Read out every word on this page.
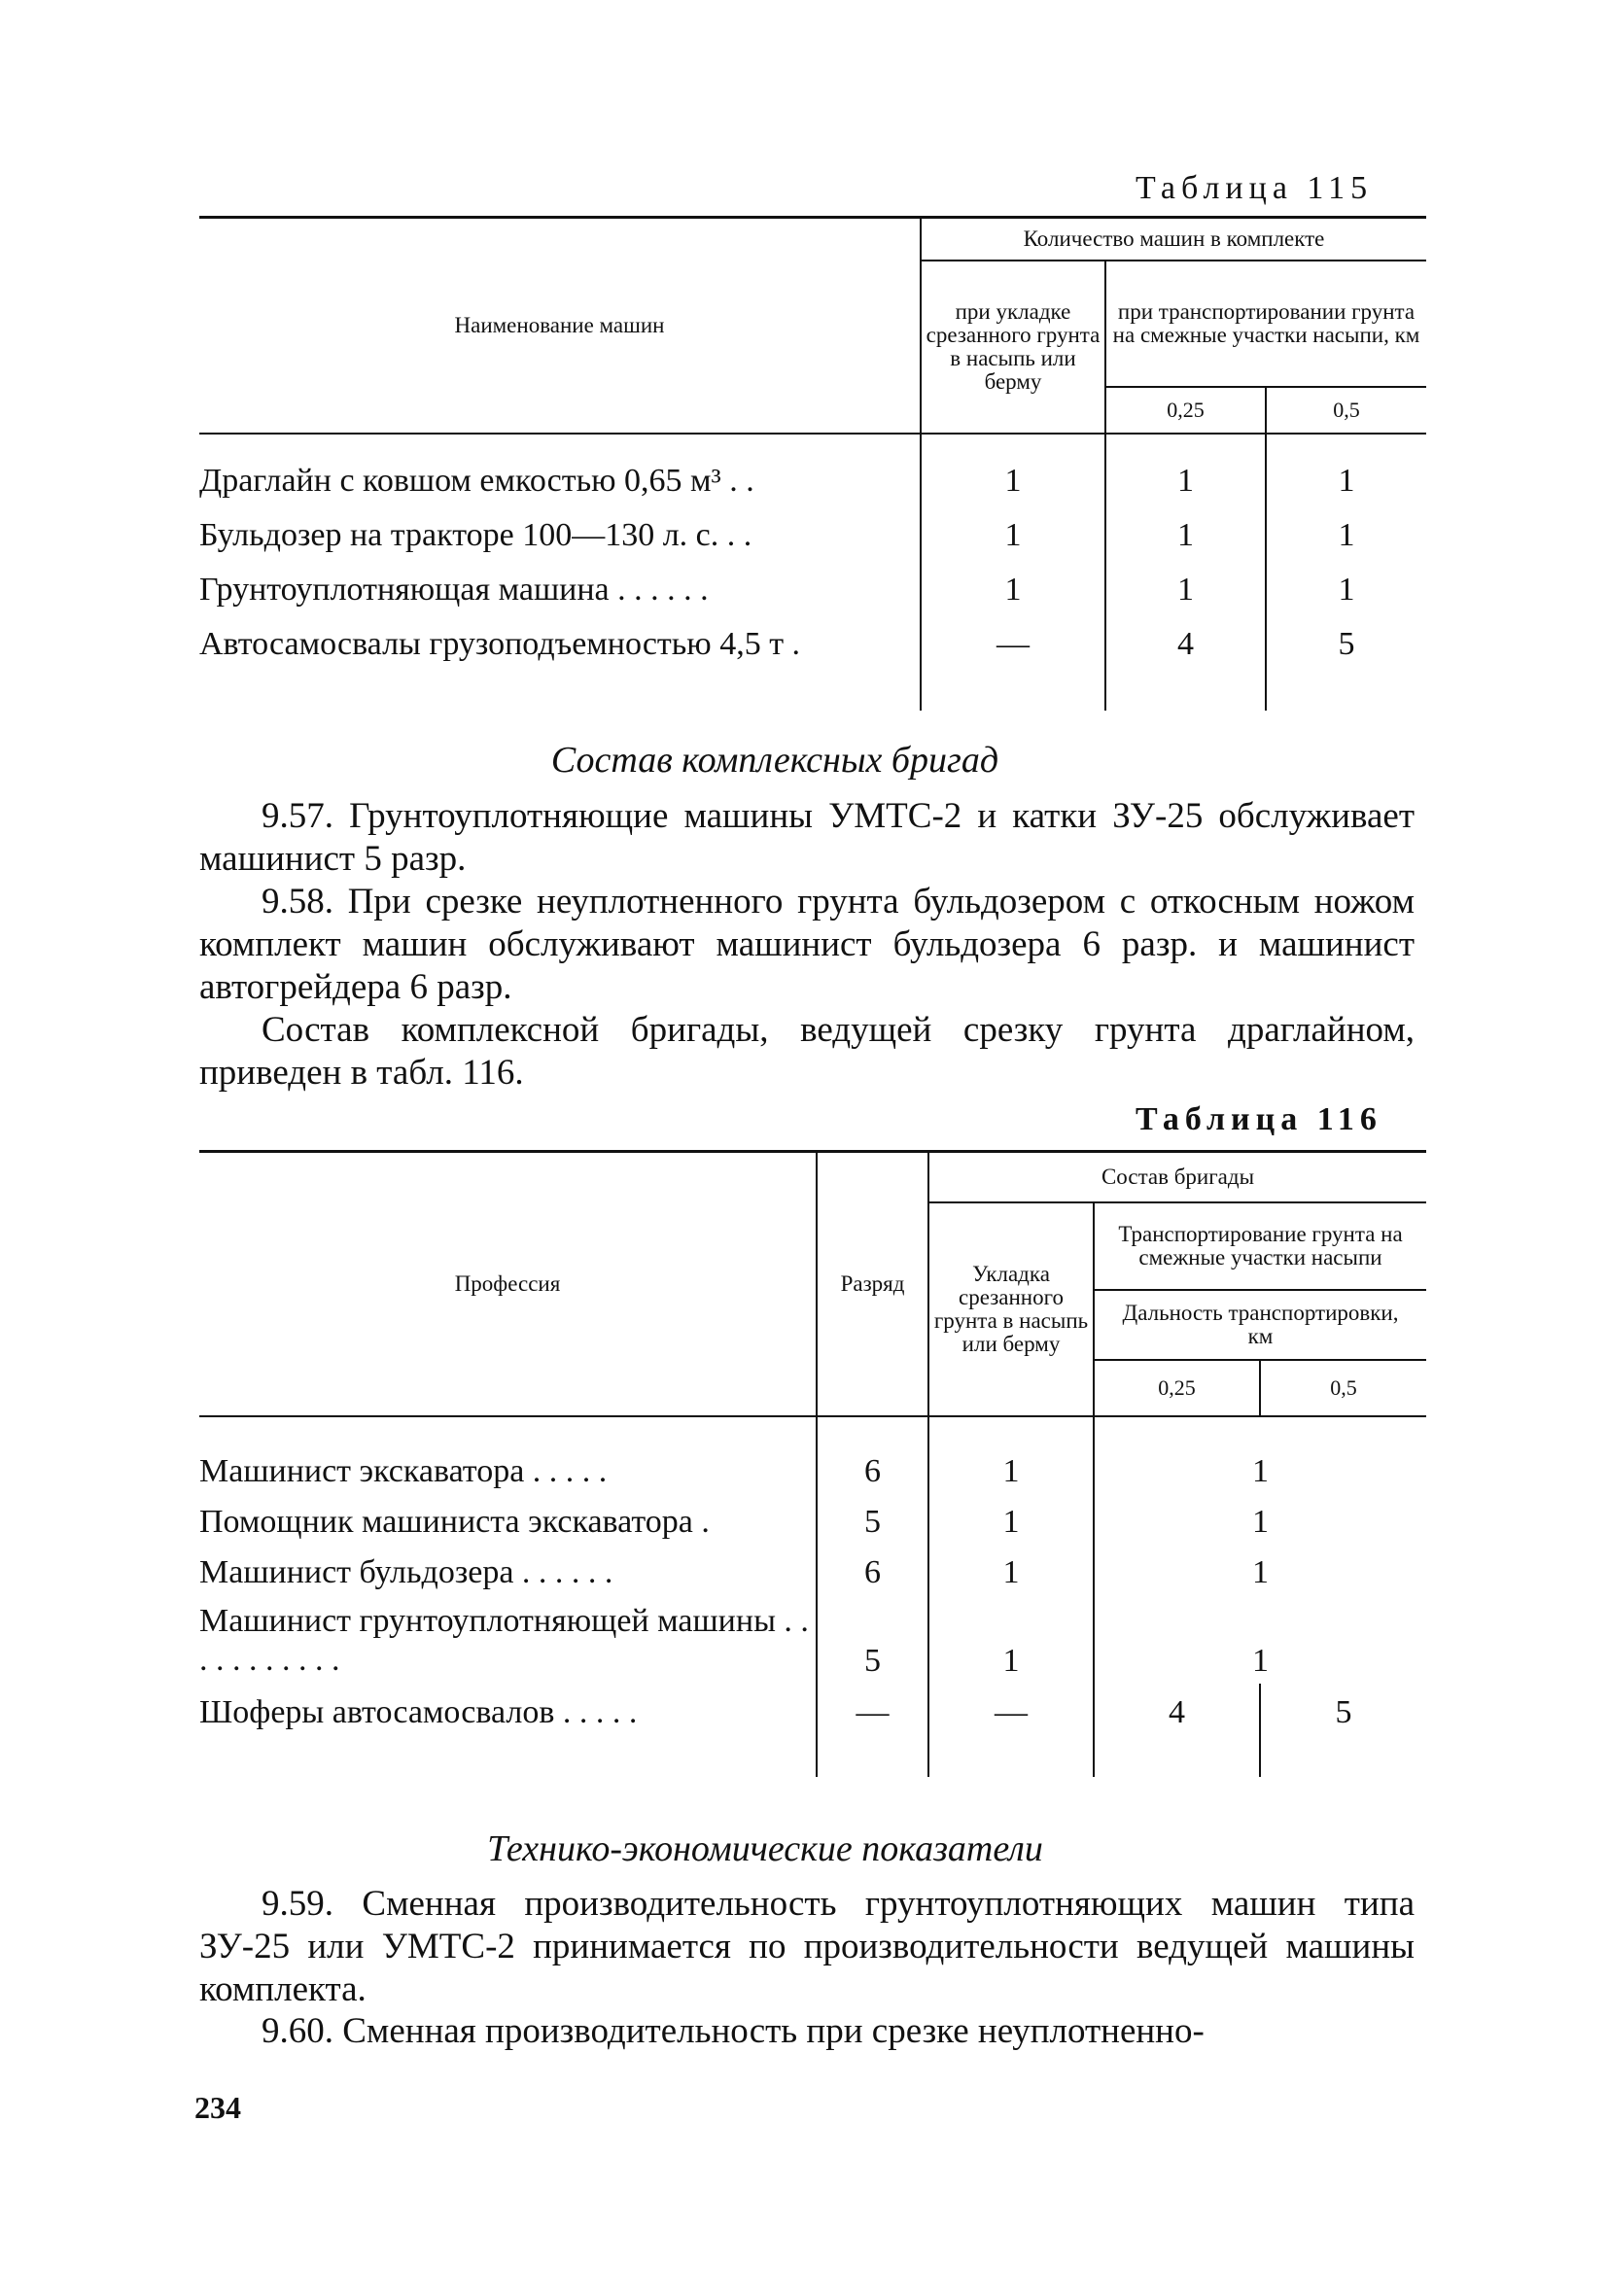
Таблица 115
Наименование машин	Количество машин в комплекте		
	при укладке срезанного грунта в насыпь или берму	при транспортировании грунта на смежные участки насыпи, км	
		0,25	0,5

Драглайн с ковшом емкостью 0,65 м³ . .	1	1	1
Бульдозер на тракторе 100—130 л. с. . .	1	1	1
Грунтоуплотняющая машина . . . . . .	1	1	1
Автосамосвалы грузоподъемностью 4,5 т .	—	4	5

Состав комплексных бригад
9.57. Грунтоуплотняющие машины УМТС-2 и катки ЗУ-25 обслуживает машинист 5 разр.
9.58. При срезке неуплотненного грунта бульдозером с откосным ножом комплект машин обслуживают машинист бульдозера 6 разр. и машинист автогрейдера 6 разр.
Состав комплексной бригады, ведущей срезку грунта драглайном, приведен в табл. 116.
Таблица 116
Профессия	Разряд	Состав бригады		
		Укладка срезанного грунта в насыпь или берму	Транспортирование грунта на смежные участки насыпи	
			Дальность транспортировки, км	
			0,25	0,5

Машинист экскаватора . . . . .	6	1	1	
Помощник машиниста экскаватора .	5	1	1	
Машинист бульдозера . . . . . .	6	1	1	
Машинист грунтоуплотняющей машины . . . . . . . . . . .	5	1	1	
Шоферы автосамосвалов . . . . .	—	—	4	5

Технико-экономические показатели
9.59. Сменная производительность грунтоуплотняющих машин типа ЗУ-25 или УМТС-2 принимается по производительности ведущей машины комплекта.
9.60. Сменная производительность при срезке неуплотненно-
234
